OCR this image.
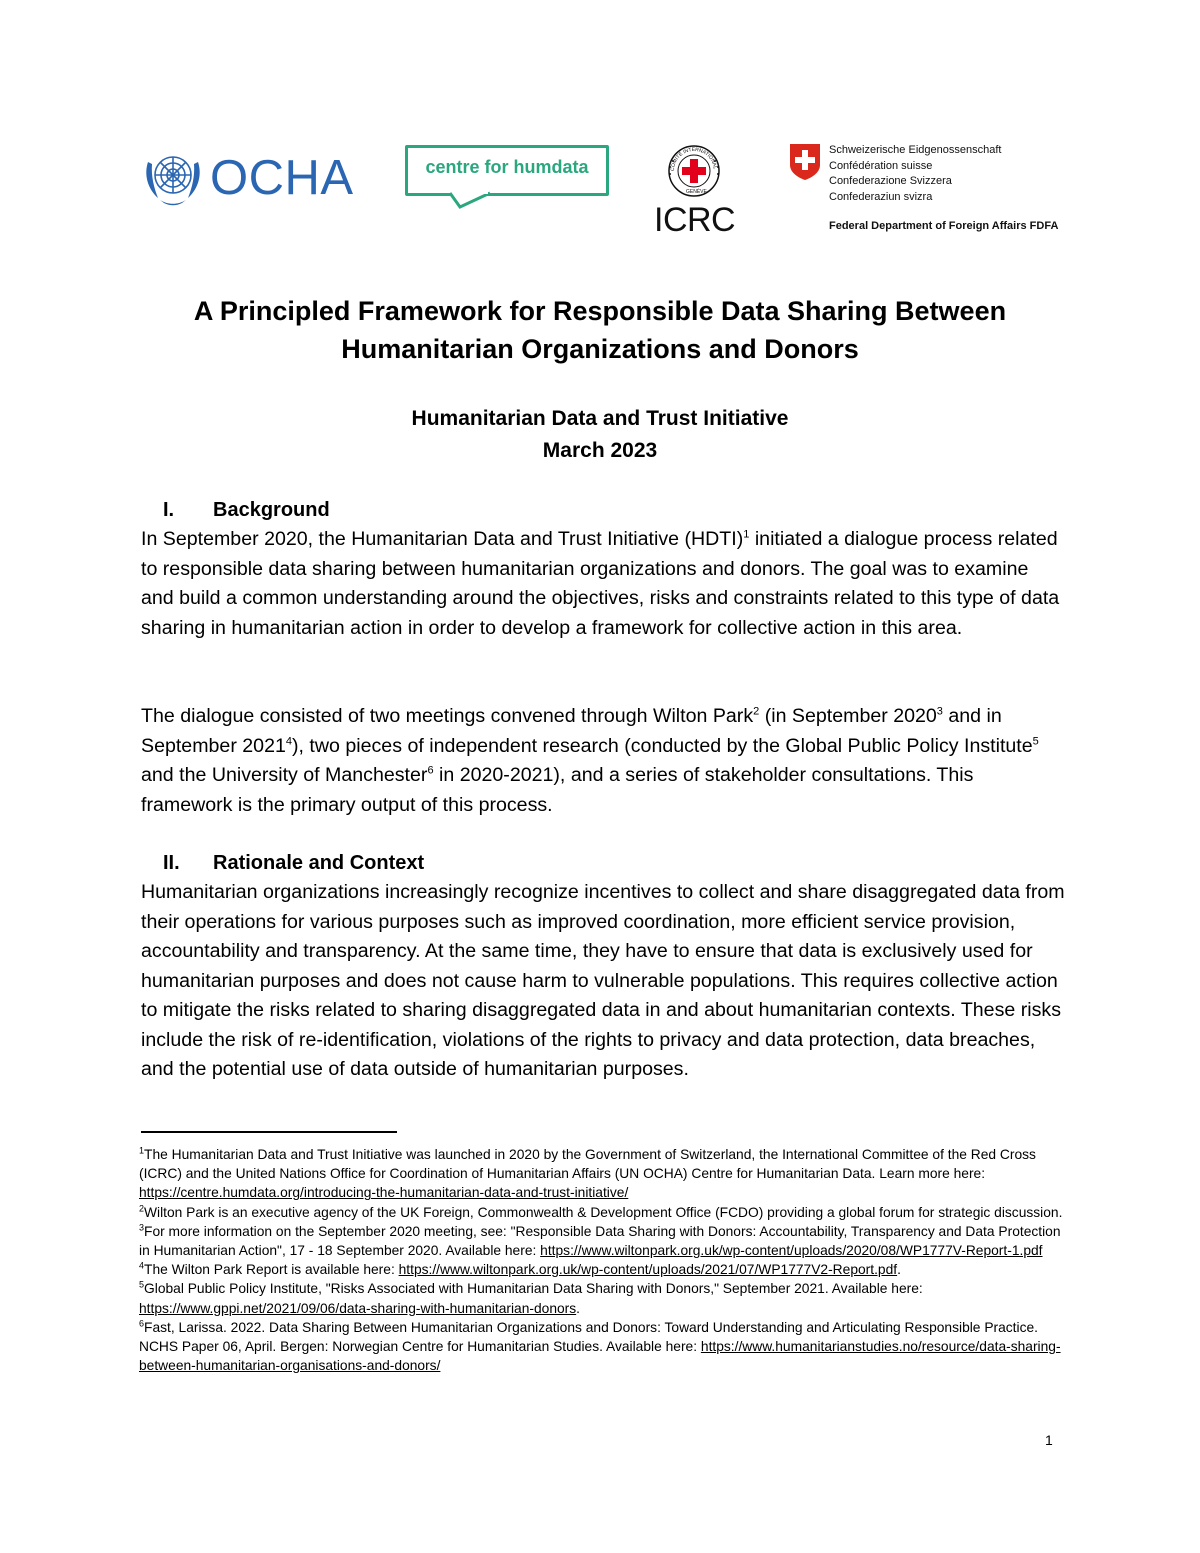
OCHA	centre for humdata	COMITÉ INTERNATIONAL
GENÈVE
ICRC
Schweizerische Eidgenossenschaft
Confédération suisse
Confederazione Svizzera
Confederaziun svizra
Federal Department of Foreign Affairs FDFA
A Principled Framework for Responsible Data Sharing Between
Humanitarian Organizations and Donors
Humanitarian Data and Trust Initiative
March 2023
I. Background

In September 2020, the Humanitarian Data and Trust Initiative (HDTI)$^1$ initiated a dialogue process related to responsible data sharing between humanitarian organizations and donors. The goal was to examine and build a common understanding around the objectives, risks and constraints related to this type of data sharing in humanitarian action in order to develop a framework for collective action in this area.

The dialogue consisted of two meetings convened through Wilton Park$^2$ (in September 2020$^3$ and in September 2021$^4$), two pieces of independent research (conducted by the Global Public Policy Institute$^5$ and the University of Manchester$^6$ in 2020-2021), and a series of stakeholder consultations. This framework is the primary output of this process.

II. Rationale and Context

Humanitarian organizations increasingly recognize incentives to collect and share disaggregated data from their operations for various purposes such as improved coordination, more efficient service provision, accountability and transparency. At the same time, they have to ensure that data is exclusively used for humanitarian purposes and does not cause harm to vulnerable populations. This requires collective action to mitigate the risks related to sharing disaggregated data in and about humanitarian contexts. These risks include the risk of re-identification, violations of the rights to privacy and data protection, data breaches, and the potential use of data outside of humanitarian purposes.

$^1$The Humanitarian Data and Trust Initiative was launched in 2020 by the Government of Switzerland, the International Committee of the Red Cross (ICRC) and the United Nations Office for Coordination of Humanitarian Affairs (UN OCHA) Centre for Humanitarian Data. Learn more here: https://centre.humdata.org/introducing-the-humanitarian-data-and-trust-initiative/

$^2$Wilton Park is an executive agency of the UK Foreign, Commonwealth & Development Office (FCDO) providing a global forum for strategic discussion.

$^3$For more information on the September 2020 meeting, see: "Responsible Data Sharing with Donors: Accountability, Transparency and Data Protection in Humanitarian Action", 17 - 18 September 2020. Available here: https://www.wiltonpark.org.uk/wp-content/uploads/2020/08/WP1777V-Report-1.pdf

$^4$The Wilton Park Report is available here: https://www.wiltonpark.org.uk/wp-content/uploads/2021/07/WP1777V2-Report.pdf.

$^5$Global Public Policy Institute, "Risks Associated with Humanitarian Data Sharing with Donors," September 2021. Available here: https://www.gppi.net/2021/09/06/data-sharing-with-humanitarian-donors.

$^6$Fast, Larissa. 2022. Data Sharing Between Humanitarian Organizations and Donors: Toward Understanding and Articulating Responsible Practice. NCHS Paper 06, April. Bergen: Norwegian Centre for Humanitarian Studies. Available here: https://www.humanitarianstudies.no/resource/data-sharing-between-humanitarian-organisations-and-donors/

1
